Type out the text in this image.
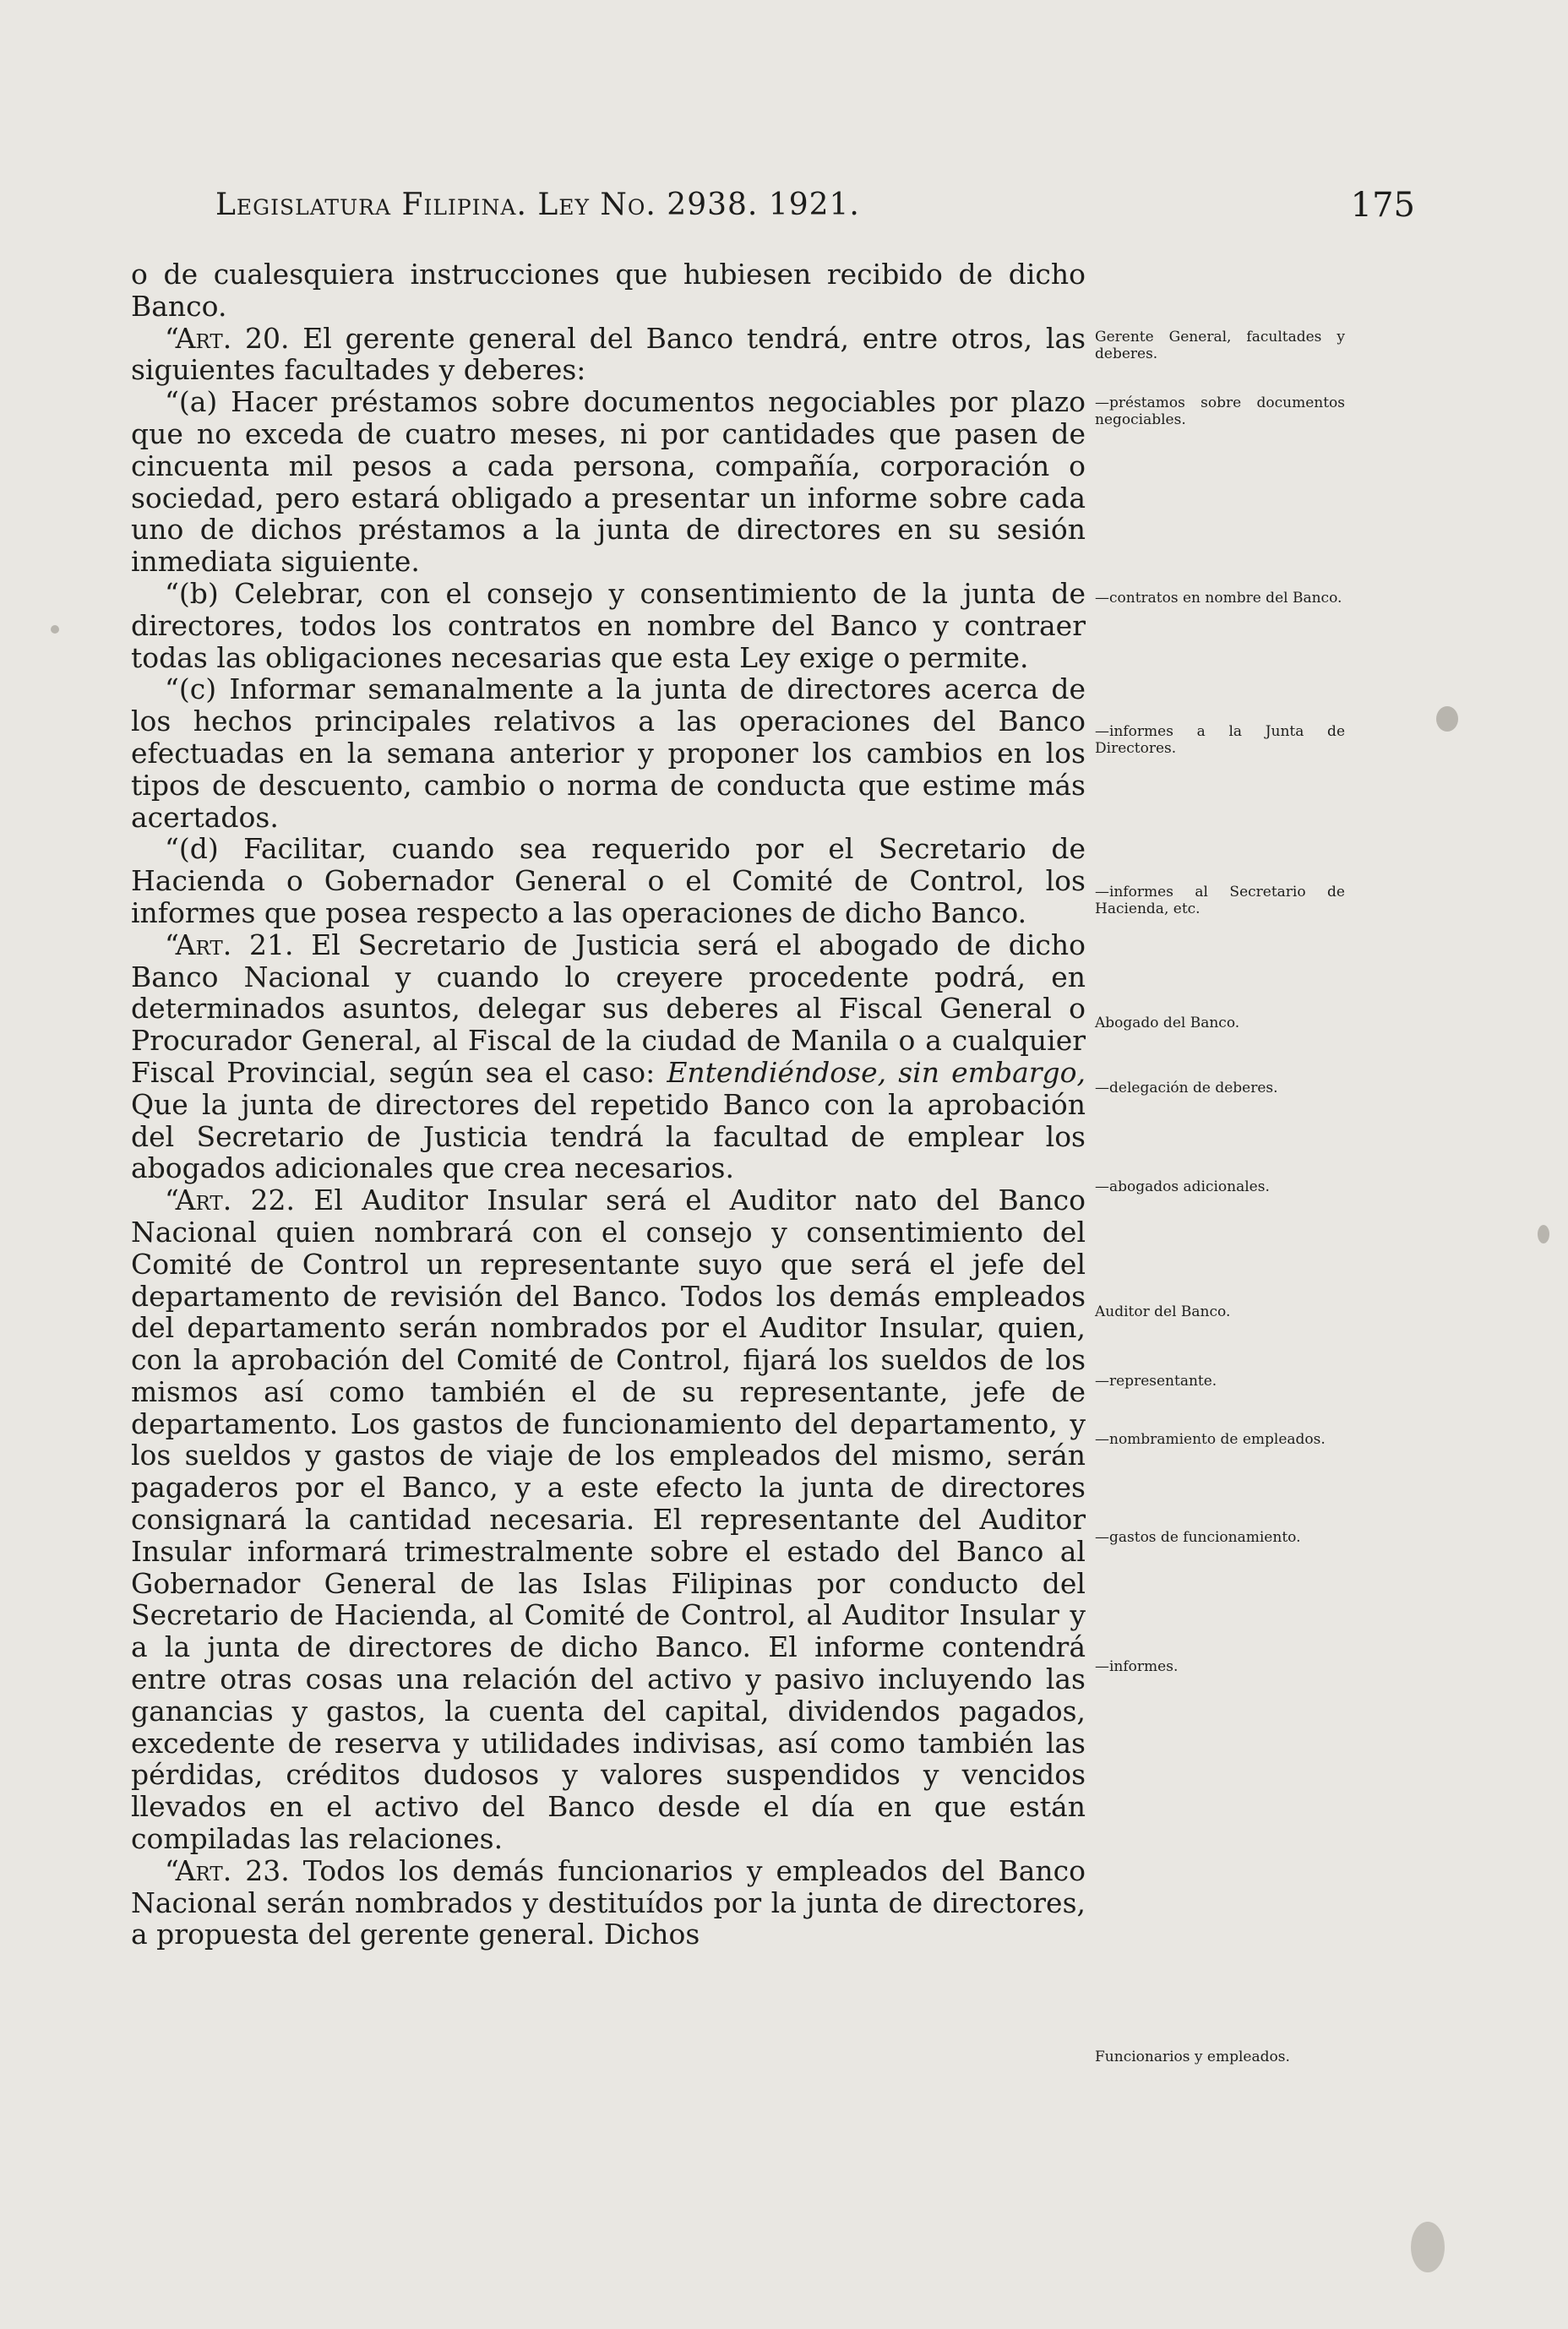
Legislatura Filipina. Ley No. 2938. 1921.	175

o de cualesquiera instrucciones que hubiesen recibido de dicho Banco.

“Art. 20. El gerente general del Banco tendrá, entre otros, las siguientes facultades y deberes:

“(a) Hacer préstamos sobre documentos negociables por plazo que no exceda de cuatro meses, ni por cantidades que pasen de cincuenta mil pesos a cada persona, compañía, corporación o sociedad, pero estará obligado a presentar un informe sobre cada uno de dichos préstamos a la junta de directores en su sesión inmediata siguiente.

“(b) Celebrar, con el consejo y consentimiento de la junta de directores, todos los contratos en nombre del Banco y contraer todas las obligaciones necesarias que esta Ley exige o permite.

“(c) Informar semanalmente a la junta de directores acerca de los hechos principales relativos a las operaciones del Banco efectuadas en la semana anterior y proponer los cambios en los tipos de descuento, cambio o norma de conducta que estime más acertados.

“(d) Facilitar, cuando sea requerido por el Secretario de Hacienda o Gobernador General o el Comité de Control, los informes que posea respecto a las operaciones de dicho Banco.

“Art. 21. El Secretario de Justicia será el abogado de dicho Banco Nacional y cuando lo creyere procedente podrá, en determinados asuntos, delegar sus deberes al Fiscal General o Procurador General, al Fiscal de la ciudad de Manila o a cualquier Fiscal Provincial, según sea el caso: Entendiéndose, sin embargo, Que la junta de directores del repetido Banco con la aprobación del Secretario de Justicia tendrá la facultad de emplear los abogados adicionales que crea necesarios.

“Art. 22. El Auditor Insular será el Auditor nato del Banco Nacional quien nombrará con el consejo y consentimiento del Comité de Control un representante suyo que será el jefe del departamento de revisión del Banco. Todos los demás empleados del departamento serán nombrados por el Auditor Insular, quien, con la aprobación del Comité de Control, fijará los sueldos de los mismos así como también el de su representante, jefe de departamento. Los gastos de funcionamiento del departamento, y los sueldos y gastos de viaje de los empleados del mismo, serán pagaderos por el Banco, y a este efecto la junta de directores consignará la cantidad necesaria. El representante del Auditor Insular informará trimestralmente sobre el estado del Banco al Gobernador General de las Islas Filipinas por conducto del Secretario de Hacienda, al Comité de Control, al Auditor Insular y a la junta de directores de dicho Banco. El informe contendrá entre otras cosas una relación del activo y pasivo incluyendo las ganancias y gastos, la cuenta del capital, dividendos pagados, excedente de reserva y utilidades indivisas, así como también las pérdidas, créditos dudosos y valores suspendidos y vencidos llevados en el activo del Banco desde el día en que están compiladas las relaciones.

“Art. 23. Todos los demás funcionarios y empleados del Banco Nacional serán nombrados y destituídos por la junta de directores, a propuesta del gerente general. Dichos

Gerente General, facultades y deberes.
—préstamos sobre documentos negociables.
—contratos en nombre del Banco.
—informes a la Junta de Directores.
—informes al Secretario de Hacienda, etc.
Abogado del Banco.
—delegación de deberes.
—abogados adicionales.
Auditor del Banco.
—representante.
—nombramiento de empleados.
—gastos de funcionamiento.
—informes.
Funcionarios y empleados.
